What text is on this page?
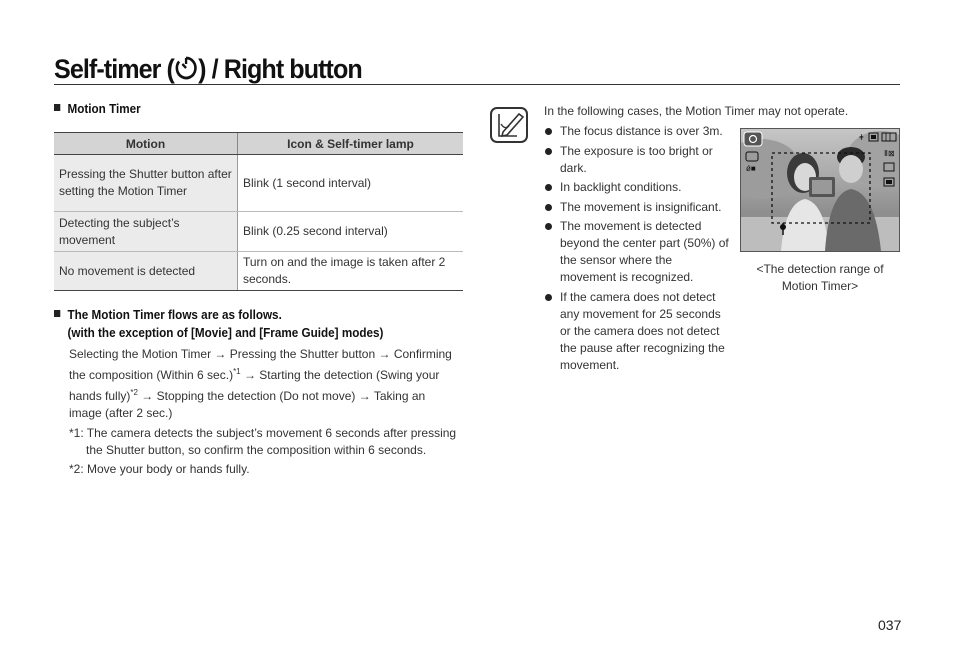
Self-timer ( ) / Right button
Motion Timer
Motion	Icon & Self-timer lamp
Pressing the Shutter button after setting the Motion Timer	Blink (1 second interval)
Detecting the subject’s movement	Blink (0.25 second interval)
No movement is detected	Turn on and the image is taken after 2 seconds.
The Motion Timer flows are as follows.
(with the exception of [Movie] and [Frame Guide] modes)
Selecting the Motion Timer → Pressing the Shutter button → Confirming the composition (Within 6 sec.)$^{*1}$ → Starting the detection (Swing your hands fully)$^{*2}$ → Stopping the detection (Do not move) → Taking an image (after 2 sec.)
*1: The camera detects the subject’s movement 6 seconds after pressing
the Shutter button, so confirm the composition within 6 seconds.
*2: Move your body or hands fully.
In the following cases, the Motion Timer may not operate.
The focus distance is over 3m.
The exposure is too bright or dark.
In backlight conditions.
The movement is insignificant.
The movement is detected beyond the center part (50%) of the sensor where the movement is recognized.
If the camera does not detect any movement for 25 seconds or the camera does not detect the pause after recognizing the movement.
ǿ■
ǂ
Ⅱ⊠
<The detection range of
Motion Timer>
037
